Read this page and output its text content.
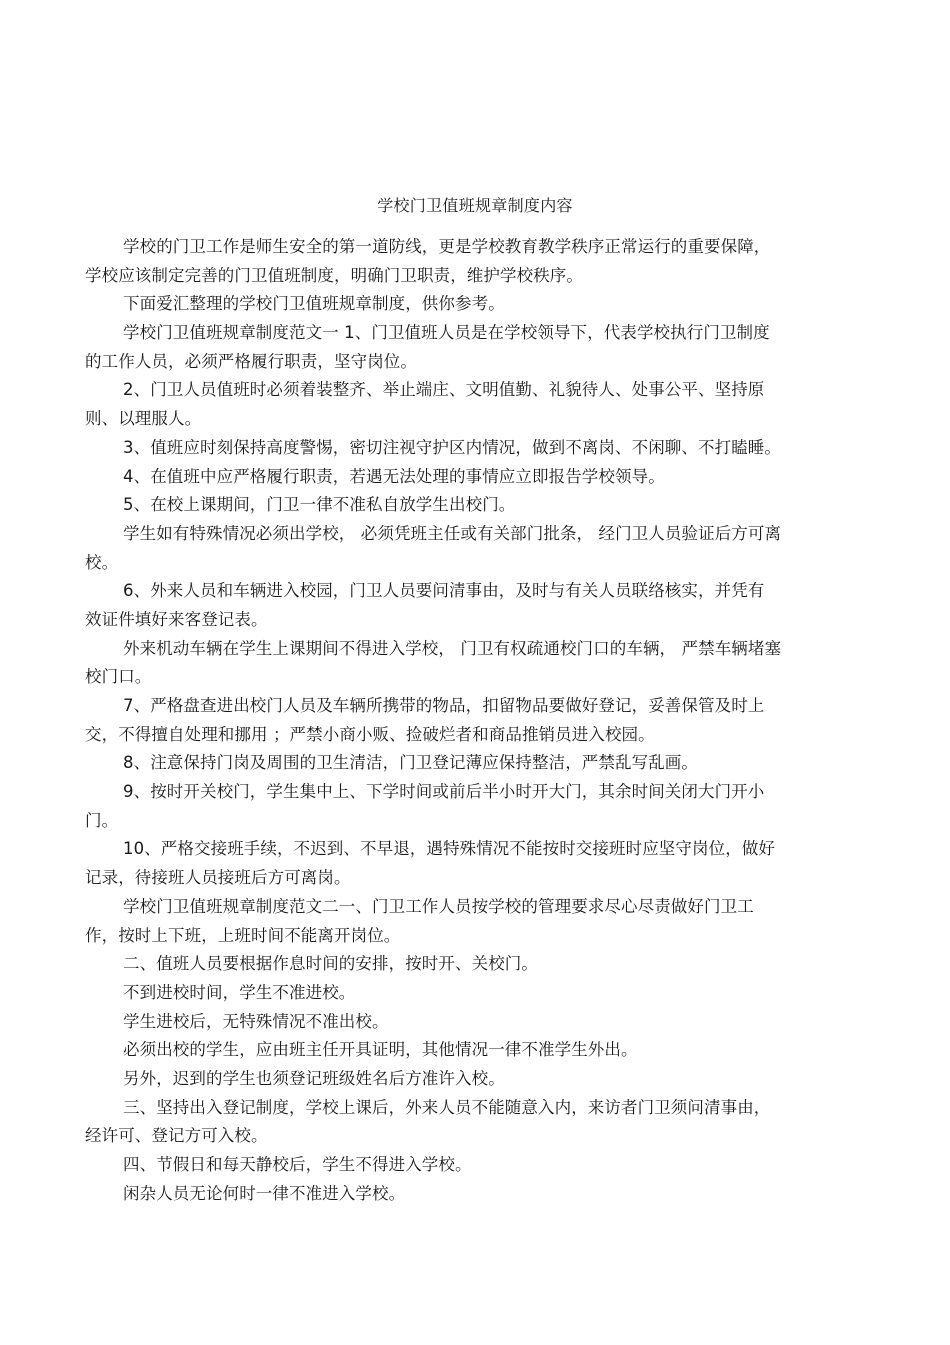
学校门卫值班规章制度内容
学校的门卫工作是师生安全的第一道防线，更是学校教育教学秩序正常运行的重要保障，
学校应该制定完善的门卫值班制度，明确门卫职责，维护学校秩序。
下面爱汇整理的学校门卫值班规章制度，供你参考。
学校门卫值班规章制度范文一 1、门卫值班人员是在学校领导下，代表学校执行门卫制度
的工作人员，必须严格履行职责，坚守岗位。
2、门卫人员值班时必须着装整齐、举止端庄、文明值勤、礼貌待人、处事公平、坚持原
则、以理服人。
3、值班应时刻保持高度警惕，密切注视守护区内情况，做到不离岗、不闲聊、不打瞌睡。
4、在值班中应严格履行职责，若遇无法处理的事情应立即报告学校领导。
5、在校上课期间，门卫一律不准私自放学生出校门。
学生如有特殊情况必须出学校， 必须凭班主任或有关部门批条， 经门卫人员验证后方可离
校。
6、外来人员和车辆进入校园，门卫人员要问清事由，及时与有关人员联络核实，并凭有
效证件填好来客登记表。
外来机动车辆在学生上课期间不得进入学校， 门卫有权疏通校门口的车辆， 严禁车辆堵塞
校门口。
7、严格盘查进出校门人员及车辆所携带的物品，扣留物品要做好登记，妥善保管及时上
交，不得擅自处理和挪用 ；严禁小商小贩、捡破烂者和商品推销员进入校园。
8、注意保持门岗及周围的卫生清洁，门卫登记薄应保持整洁，严禁乱写乱画。
9、按时开关校门，学生集中上、下学时间或前后半小时开大门，其余时间关闭大门开小
门。
10、严格交接班手续，不迟到、不早退，遇特殊情况不能按时交接班时应坚守岗位，做好
记录，待接班人员接班后方可离岗。
学校门卫值班规章制度范文二一、门卫工作人员按学校的管理要求尽心尽责做好门卫工
作，按时上下班，上班时间不能离开岗位。
二、值班人员要根据作息时间的安排，按时开、关校门。
不到进校时间，学生不准进校。
学生进校后，无特殊情况不准出校。
必须出校的学生，应由班主任开具证明，其他情况一律不准学生外出。
另外，迟到的学生也须登记班级姓名后方准许入校。
三、坚持出入登记制度，学校上课后，外来人员不能随意入内，来访者门卫须问清事由，
经许可、登记方可入校。
四、节假日和每天静校后，学生不得进入学校。
闲杂人员无论何时一律不准进入学校。
